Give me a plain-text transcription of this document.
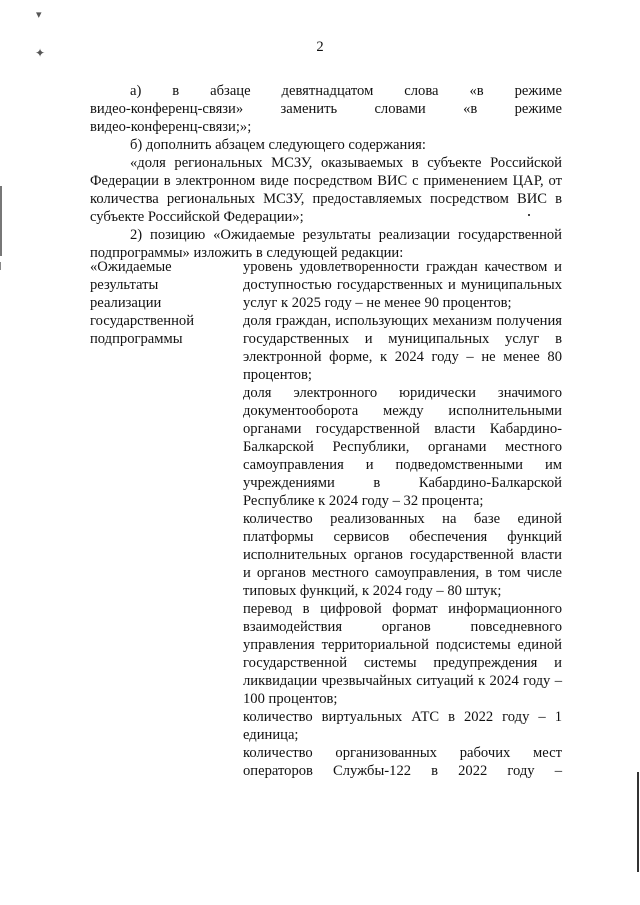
▾
✦	2

а) в абзаце девятнадцатом слова «в режиме

видео-конференц-связи» заменить словами «в режиме

видео-конференц-связи;»;

б) дополнить абзацем следующего содержания:

«доля региональных МСЗУ, оказываемых в субъекте Российской Федерации в электронном виде посредством ВИС с применением ЦАР, от количества региональных МСЗУ, предоставляемых посредством ВИС в субъекте Российской Федерации»;

2) позицию «Ожидаемые результаты реализации государственной подпрограммы» изложить в следующей редакции:

«Ожидаемые
результаты
реализации
государственной
подпрограммы

уровень удовлетворенности граждан качеством и доступностью государственных и муниципальных услуг к 2025 году – не менее 90 процентов;

доля граждан, использующих механизм получения государственных и муниципальных услуг в электронной форме, к 2024 году – не менее 80 процентов;

доля электронного юридически значимого документооборота между исполнительными органами государственной власти Кабардино-Балкарской Республики, органами местного самоуправления и подведомственными им учреждениями в Кабардино-Балкарской Республике к 2024 году – 32 процента;

количество реализованных на базе единой платформы сервисов обеспечения функций исполнительных органов государственной власти и органов местного самоуправления, в том числе типовых функций, к 2024 году – 80 штук;

перевод в цифровой формат информационного взаимодействия органов повседневного управления территориальной подсистемы единой государственной системы предупреждения и ликвидации чрезвычайных ситуаций к 2024 году – 100 процентов;

количество виртуальных АТС в 2022 году – 1 единица;

количество организованных рабочих мест операторов Службы-122 в 2022 году –
